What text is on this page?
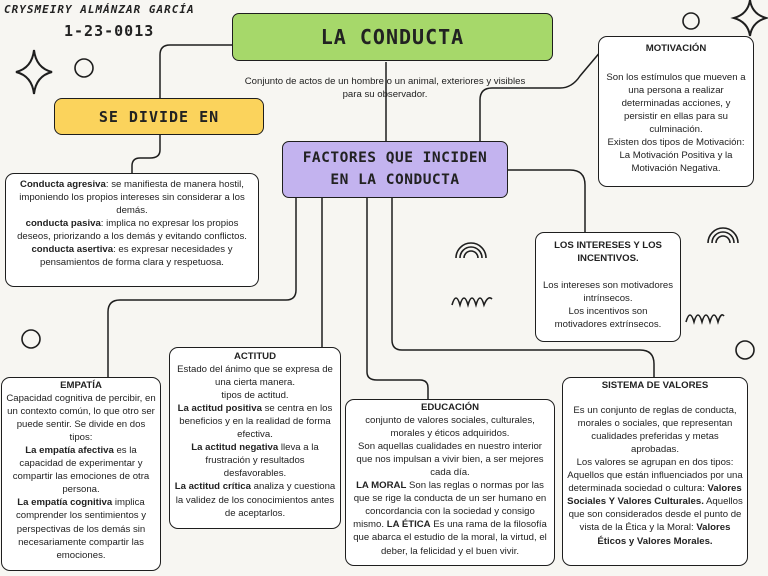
CRYSMEIRY ALMÁNZAR GARCÍA
1-23-0013	LA CONDUCTA
Conjunto de actos de un hombre o un animal, exteriores y visibles para su observador.
SE DIVIDE EN
FACTORES QUE INCIDEN
EN LA CONDUCTA

Conducta agresiva: se manifiesta de manera hostil, imponiendo los propios intereses sin considerar a los demás.

conducta pasiva: implica no expresar los propios deseos, priorizando a los demás y evitando conflictos.

conducta asertiva: es expresar necesidades y pensamientos de forma clara y respetuosa.

MOTIVACIÓN

Son los estímulos que mueven a una persona a realizar determinadas acciones, y persistir en ellas para su culminación.

Existen dos tipos de Motivación: La Motivación Positiva y la Motivación Negativa.

LOS INTERESES Y LOS INCENTIVOS.

Los intereses son motivadores intrínsecos.

Los incentivos son motivadores extrínsecos.

EMPATÍA

Capacidad cognitiva de percibir, en un contexto común, lo que otro ser puede sentir. Se divide en dos tipos:

La empatía afectiva es la capacidad de experimentar y compartir las emociones de otra persona.

La empatía cognitiva implica comprender los sentimientos y perspectivas de los demás sin necesariamente compartir las emociones.

ACTITUD

Estado del ánimo que se expresa de una cierta manera.

tipos de actitud.

La actitud positiva se centra en los beneficios y en la realidad de forma efectiva.

La actitud negativa lleva a la frustración y resultados desfavorables.

La actitud crítica analiza y cuestiona la validez de los conocimientos antes de aceptarlos.

EDUCACIÓN

conjunto de valores sociales, culturales, morales y éticos adquiridos.

Son aquellas cualidades en nuestro interior que nos impulsan a vivir bien, a ser mejores cada día.

LA MORAL Son las reglas o normas por las que se rige la conducta de un ser humano en concordancia con la sociedad y consigo mismo. LA ÉTICA Es una rama de la filosofía que abarca el estudio de la moral, la virtud, el deber, la felicidad y el buen vivir.

SISTEMA DE VALORES

Es un conjunto de reglas de conducta, morales o sociales, que representan cualidades preferidas y metas aprobadas.

Los valores se agrupan en dos tipos: Aquellos que están influenciados por una determinada sociedad o cultura: Valores Sociales Y Valores Culturales. Aquellos que son considerados desde el punto de vista de la Ética y la Moral: Valores Éticos y Valores Morales.
